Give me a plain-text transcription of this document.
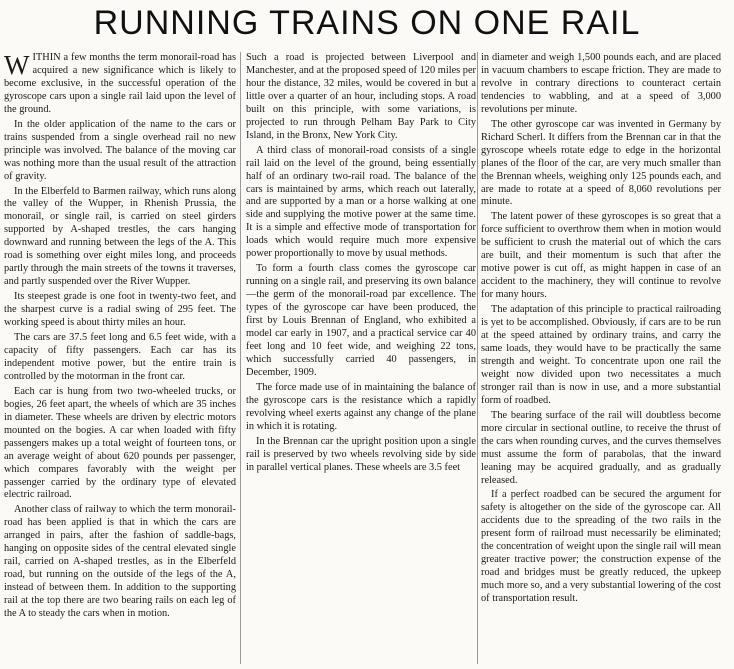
RUNNING TRAINS ON ONE RAIL

WITHIN a few months the term monorail-road has acquired a new significance which is likely to become exclusive, in the successful operation of the gyroscope cars upon a single rail laid upon the level of the ground.

In the older application of the name to the cars or trains suspended from a single overhead rail no new principle was involved. The balance of the moving car was nothing more than the usual result of the attraction of gravity.

In the Elberfeld to Barmen railway, which runs along the valley of the Wupper, in Rhenish Prussia, the monorail, or single rail, is carried on steel girders supported by A-shaped trestles, the cars hanging downward and running between the legs of the A. This road is something over eight miles long, and proceeds partly through the main streets of the towns it traverses, and partly suspended over the River Wupper.

Its steepest grade is one foot in twenty-two feet, and the sharpest curve is a radial swing of 295 feet. The working speed is about thirty miles an hour.

The cars are 37.5 feet long and 6.5 feet wide, with a capacity of fifty passengers. Each car has its independent motive power, but the entire train is controlled by the motorman in the front car.

Each car is hung from two two-wheeled trucks, or bogies, 26 feet apart, the wheels of which are 35 inches in diameter. These wheels are driven by electric motors mounted on the bogies. A car when loaded with fifty passengers makes up a total weight of fourteen tons, or an average weight of about 620 pounds per passenger, which compares favorably with the weight per passenger carried by the ordinary type of elevated electric railroad.

Another class of railway to which the term monorail-road has been applied is that in which the cars are arranged in pairs, after the fashion of saddle-bags, hanging on opposite sides of the central elevated single rail, carried on A-shaped trestles, as in the Elberfeld road, but running on the outside of the legs of the A, instead of between them. In addition to the supporting rail at the top there are two bearing rails on each leg of the A to steady the cars when in motion.

Such a road is projected between Liverpool and Manchester, and at the proposed speed of 120 miles per hour the distance, 32 miles, would be covered in but a little over a quarter of an hour, including stops. A road built on this principle, with some variations, is projected to run through Pelham Bay Park to City Island, in the Bronx, New York City.

A third class of monorail-road consists of a single rail laid on the level of the ground, being essentially half of an ordinary two-rail road. The balance of the cars is maintained by arms, which reach out laterally, and are supported by a man or a horse walking at one side and supplying the motive power at the same time. It is a simple and effective mode of transportation for loads which would require much more expensive power proportionally to move by usual methods.

To form a fourth class comes the gyroscope car running on a single rail, and preserving its own balance—the germ of the monorail-road par excellence. The types of the gyroscope car have been produced, the first by Louis Brennan of England, who exhibited a model car early in 1907, and a practical service car 40 feet long and 10 feet wide, and weighing 22 tons, which successfully carried 40 passengers, in December, 1909.

The force made use of in maintaining the balance of the gyroscope cars is the resistance which a rapidly revolving wheel exerts against any change of the plane in which it is rotating.

In the Brennan car the upright position upon a single rail is preserved by two wheels revolving side by side in parallel vertical planes. These wheels are 3.5 feet

in diameter and weigh 1,500 pounds each, and are placed in vacuum chambers to escape friction. They are made to revolve in contrary directions to counteract certain tendencies to wabbling, and at a speed of 3,000 revolutions per minute.

The other gyroscope car was invented in Germany by Richard Scherl. It differs from the Brennan car in that the gyroscope wheels rotate edge to edge in the horizontal planes of the floor of the car, are very much smaller than the Brennan wheels, weighing only 125 pounds each, and are made to rotate at a speed of 8,060 revolutions per minute.

The latent power of these gyroscopes is so great that a force sufficient to overthrow them when in motion would be sufficient to crush the material out of which the cars are built, and their momentum is such that after the motive power is cut off, as might happen in case of an accident to the machinery, they will continue to revolve for many hours.

The adaptation of this principle to practical railroading is yet to be accomplished. Obviously, if cars are to be run at the speed attained by ordinary trains, and carry the same loads, they would have to be practically the same strength and weight. To concentrate upon one rail the weight now divided upon two necessitates a much stronger rail than is now in use, and a more substantial form of roadbed.

The bearing surface of the rail will doubtless become more circular in sectional outline, to receive the thrust of the cars when rounding curves, and the curves themselves must assume the form of parabolas, that the inward leaning may be acquired gradually, and as gradually released.

If a perfect roadbed can be secured the argument for safety is altogether on the side of the gyroscope car. All accidents due to the spreading of the two rails in the present form of railroad must necessarily be eliminated; the concentration of weight upon the single rail will mean greater tractive power; the construction expense of the road and bridges must be greatly reduced, the upkeep much more so, and a very substantial lowering of the cost of transportation result.
